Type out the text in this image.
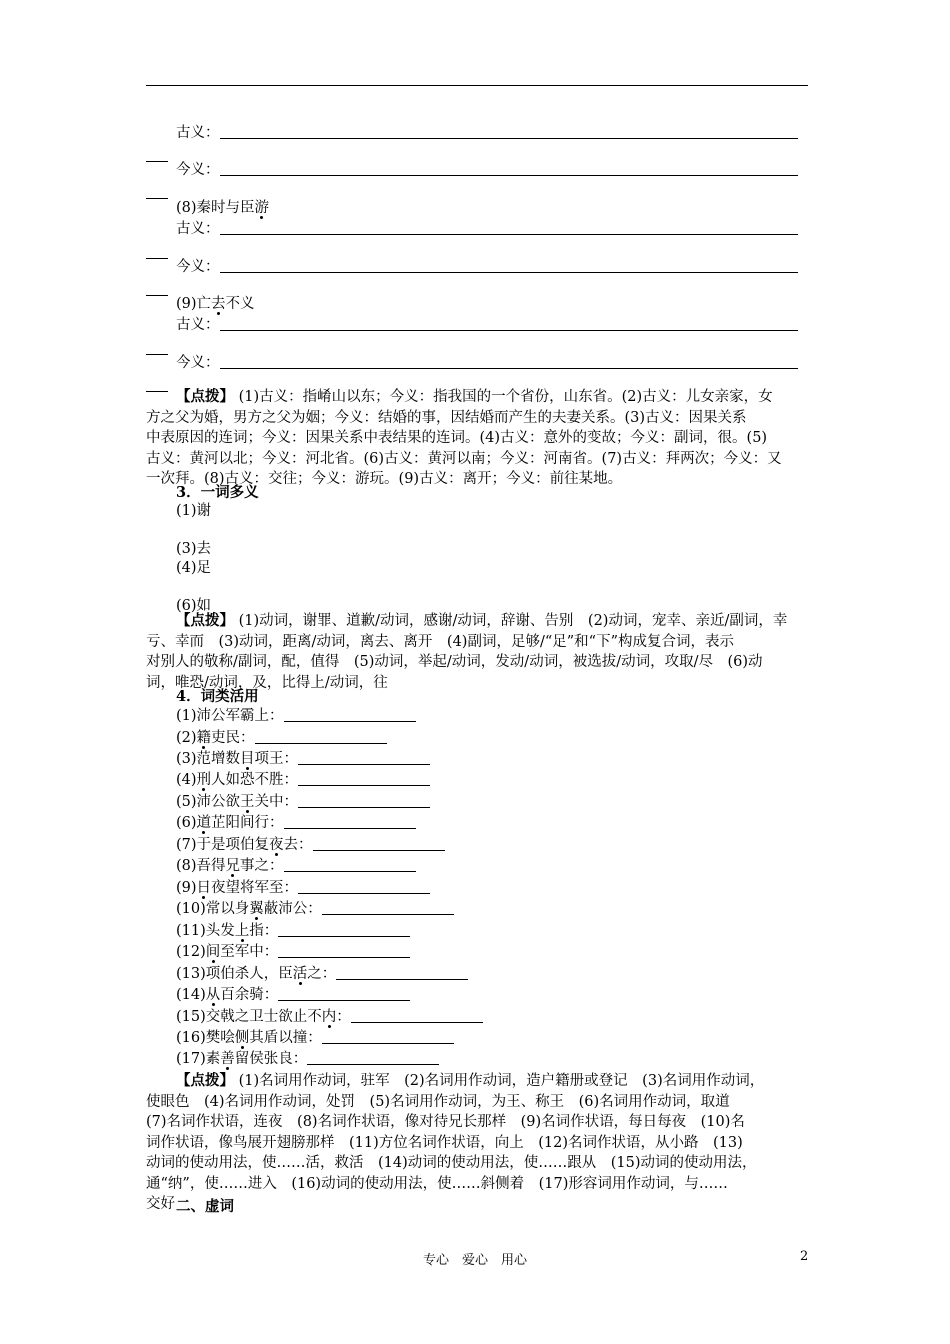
古义：
今义：
(8)秦时与臣游
古义：
今义：
(9)亡去不义
古义：
今义：
【点拨】 (1)古义：指崤山以东；今义：指我国的一个省份，山东省。(2)古义：儿女亲家，女
方之父为婚，男方之父为姻；今义：结婚的事，因结婚而产生的夫妻关系。(3)古义：因果关系
中表原因的连词；今义：因果关系中表结果的连词。(4)古义：意外的变故；今义：副词，很。(5)
古义：黄河以北；今义：河北省。(6)古义：黄河以南；今义：河南省。(7)古义：拜两次；今义：又
一次拜。(8)古义：交往；今义：游玩。(9)古义：离开；今义：前往某地。
3．一词多义
(1)谢
(3)去
(4)足
(6)如
【点拨】 (1)动词，谢罪、道歉/动词，感谢/动词，辞谢、告别　(2)动词，宠幸、亲近/副词，幸
亏、幸而　(3)动词，距离/动词，离去、离开　(4)副词，足够/“足”和“下”构成复合词，表示
对别人的敬称/副词，配，值得　(5)动词，举起/动词，发动/动词，被选拔/动词，攻取/尽　(6)动
词，唯恐/动词，及，比得上/动词，往
4．词类活用
(1)沛公军霸上：
(2)籍吏民：
(3)范增数目项王：
(4)刑人如恐不胜：
(5)沛公欲王关中：
(6)道芷阳间行：
(7)于是项伯复夜去：
(8)吾得兄事之：
(9)日夜望将军至：
(10)常以身翼蔽沛公：
(11)头发上指：
(12)间至军中：
(13)项伯杀人，臣活之：
(14)从百余骑：
(15)交戟之卫士欲止不内：
(16)樊哙侧其盾以撞：
(17)素善留侯张良：
【点拨】 (1)名词用作动词，驻军　(2)名词用作动词，造户籍册或登记　(3)名词用作动词，
使眼色　(4)名词用作动词，处罚　(5)名词用作动词，为王、称王　(6)名词用作动词，取道
(7)名词作状语，连夜　(8)名词作状语，像对待兄长那样　(9)名词作状语，每日每夜　(10)名
词作状语，像鸟展开翅膀那样　(11)方位名词作状语，向上　(12)名词作状语，从小路　(13)
动词的使动用法，使……活，救活　(14)动词的使动用法，使……跟从　(15)动词的使动用法，
通“纳”，使……进入　(16)动词的使动用法，使……斜侧着　(17)形容词用作动词，与……
交好 二、虚词
专心　爱心　用心	2
